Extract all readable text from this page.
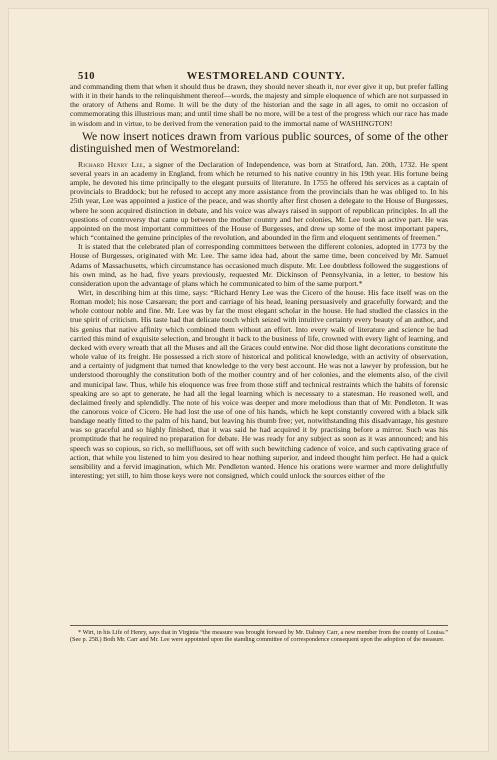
510	WESTMORELAND COUNTY.

and commanding them that when it should thus be drawn, they should never sheath it, nor ever give it up, but prefer falling with it in their hands to the relinquishment thereof—words, the majesty and simple eloquence of which are not surpassed in the oratory of Athens and Rome. It will be the duty of the historian and the sage in all ages, to omit no occasion of commemorating this illustrious man; and until time shall be no more, will be a test of the progress which our race has made in wisdom and in virtue, to be derived from the veneration paid to the immortal name of WASHINGTON!

We now insert notices drawn from various public sources, of some of the other distinguished men of Westmoreland:

Richard Henry Lee, a signer of the Declaration of Independence, was born at Stratford, Jan. 20th, 1732. He spent several years in an academy in England, from which he returned to his native country in his 19th year. His fortune being ample, he devoted his time principally to the elegant pursuits of literature. In 1755 he offered his services as a captain of provincials to Braddock; but he refused to accept any more assistance from the provincials than he was obliged to. In his 25th year, Lee was appointed a justice of the peace, and was shortly after first chosen a delegate to the House of Burgesses, where he soon acquired distinction in debate, and his voice was always raised in support of republican principles. In all the questions of controversy that came up between the mother country and her colonies, Mr. Lee took an active part. He was appointed on the most important committees of the House of Burgesses, and drew up some of the most important papers, which “contained the genuine principles of the revolution, and abounded in the firm and eloquent sentiments of freemen.”

It is stated that the celebrated plan of corresponding committees between the different colonies, adopted in 1773 by the House of Burgesses, originated with Mr. Lee. The same idea had, about the same time, been conceived by Mr. Samuel Adams of Massachusetts, which circumstance has occasioned much dispute. Mr. Lee doubtless followed the suggestions of his own mind, as he had, five years previously, requested Mr. Dickinson of Pennsylvania, in a letter, to bestow his consideration upon the advantage of plans which he communicated to him of the same purport.*

Wirt, in describing him at this time, says: “Richard Henry Lee was the Cicero of the house. His face itself was on the Roman model; his nose Cæsarean; the port and carriage of his head, leaning persuasively and gracefully forward; and the whole contour noble and fine. Mr. Lee was by far the most elegant scholar in the house. He had studied the classics in the true spirit of criticism. His taste had that delicate touch which seized with intuitive certainty every beauty of an author, and his genius that native affinity which combined them without an effort. Into every walk of literature and science he had carried this mind of exquisite selection, and brought it back to the business of life, crowned with every light of learning, and decked with every wreath that all the Muses and all the Graces could entwine. Nor did those light decorations constitute the whole value of its freight. He possessed a rich store of historical and political knowledge, with an activity of observation, and a certainty of judgment that turned that knowledge to the very best account. He was not a lawyer by profession, but he understood thoroughly the constitution both of the mother country and of her colonies, and the elements also, of the civil and municipal law. Thus, while his eloquence was free from those stiff and technical restraints which the habits of forensic speaking are so apt to generate, he had all the legal learning which is necessary to a statesman. He reasoned well, and declaimed freely and splendidly. The note of his voice was deeper and more melodious than that of Mr. Pendleton. It was the canorous voice of Cicero. He had lost the use of one of his hands, which he kept constantly covered with a black silk bandage neatly fitted to the palm of his hand, but leaving his thumb free; yet, notwithstanding this disadvantage, his gesture was so graceful and so highly finished, that it was said he had acquired it by practising before a mirror. Such was his promptitude that he required no preparation for debate. He was ready for any subject as soon as it was announced; and his speech was so copious, so rich, so mellifluous, set off with such bewitching cadence of voice, and such captivating grace of action, that while you listened to him you desired to hear nothing superior, and indeed thought him perfect. He had a quick sensibility and a fervid imagination, which Mr. Pendleton wanted. Hence his orations were warmer and more delightfully interesting; yet still, to him those keys were not consigned, which could unlock the sources either of the

* Wirt, in his Life of Henry, says that in Virginia “the measure was brought forward by Mr. Dabney Carr, a new member from the county of Louisa.” (See p. 258.) Both Mr. Carr and Mr. Lee were appointed upon the standing committee of correspondence consequent upon the adoption of the measure.
